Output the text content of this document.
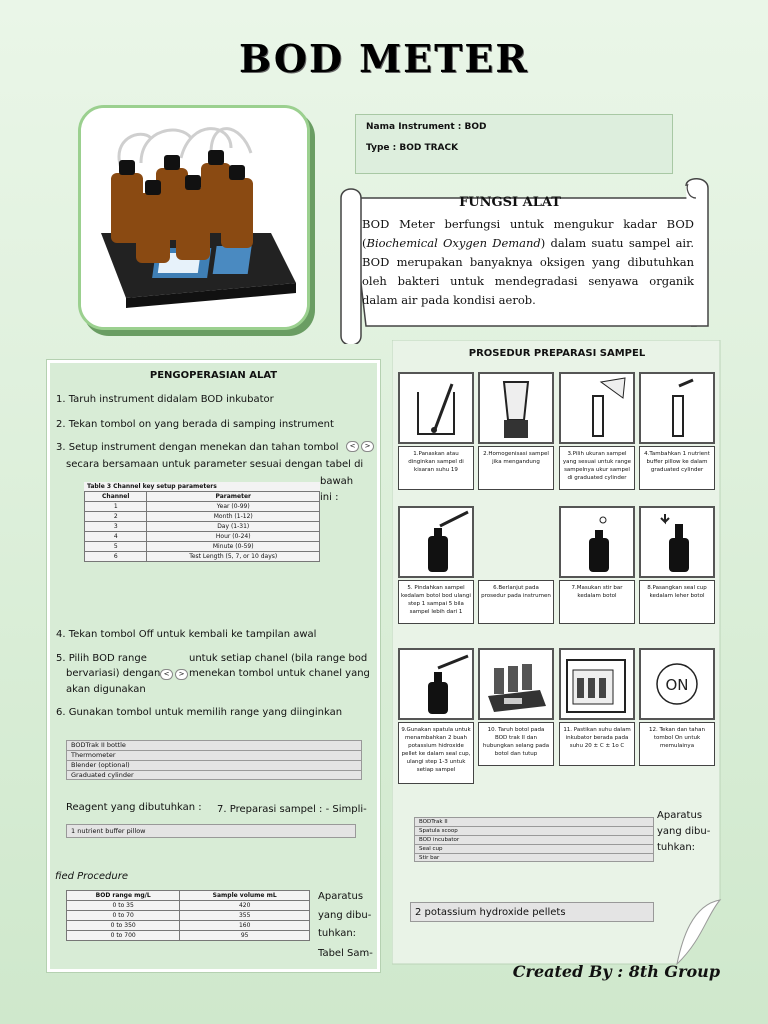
BOD METER
Nama Instrument : BOD
Type : BOD TRACK
FUNGSI ALAT
BOD Meter berfungsi untuk mengukur kadar BOD (Biochemical Oxygen Demand) dalam suatu sampel air. BOD merupakan banyaknya oksigen yang dibutuhkan oleh bakteri untuk mendegradasi senyawa organik dalam air pada kondisi aerob.
PENGOPERASIAN ALAT
1. Taruh instrument didalam BOD inkubator
2. Tekan tombol on yang berada di samping instrument
3. Setup instrument dengan menekan dan tahan tombol	< >
secara bersamaan untuk parameter sesuai dengan tabel di
bawah
ini :
Table 3 Channel key setup parameters
Channel	Parameter
1	Year (0-99)
2	Month (1-12)
3	Day (1-31)
4	Hour (0-24)
5	Minute (0-59)
6	Test Length (5, 7, or 10 days)
4. Tekan tombol Off untuk kembali ke tampilan awal
5. Pilih BOD range	untuk setiap chanel (bila range bod
bervariasi) dengan < > menekan tombol untuk chanel yang
akan digunakan
6. Gunakan tombol untuk memilih range yang diinginkan
BODTrak II bottle
Thermometer
Blender (optional)
Graduated cylinder
Reagent yang dibutuhkan : 7. Preparasi sampel : - Simpli-
1 nutrient buffer pillow
fied Procedure
BOD range mg/L	Sample volume mL
0 to 35	420
0 to 70	355
0 to 350	160
0 to 700	95
Aparatus
yang dibu-
tuhkan:
Tabel Sam-
PROSEDUR PREPARASI SAMPEL
1.Panaskan atau dinginkan sampel di kisaran suhu 19
2.Homogenisasi sampel jika mengandung
3.Pilih ukuran sampel yang sesuai untuk range sampelnya ukur sampel di graduated cylinder
4.Tambahkan 1 nutrient buffer pillow ke dalam graduated cylinder
5. Pindahkan sampel kedalam botol bod ulangi step 1 sampai 5 bila sampel lebih dari 1
6.Berlanjut pada prosedur pada instrumen
7.Masukan stir bar kedalam botol
8.Pasangkan seal cup kedalam leher botol
ON
9.Gunakan spatula untuk menambahkan 2 buah potassium hidroxide pellet ke dalam seal cup, ulangi step 1-3 untuk setiap sampel
10. Taruh botol pada BOD trak II dan hubungkan selang pada botol dan tutup
11. Pastikan suhu dalam inkubator berada pada suhu 20 ± C ± 1o C
12. Tekan dan tahan tombol On untuk memulainya
BODTrak II
Spatula scoop
BOD incubator
Seal cup
Stir bar
Aparatus
yang dibu-
tuhkan:
2 potassium hydroxide pellets
Created By : 8th Group
